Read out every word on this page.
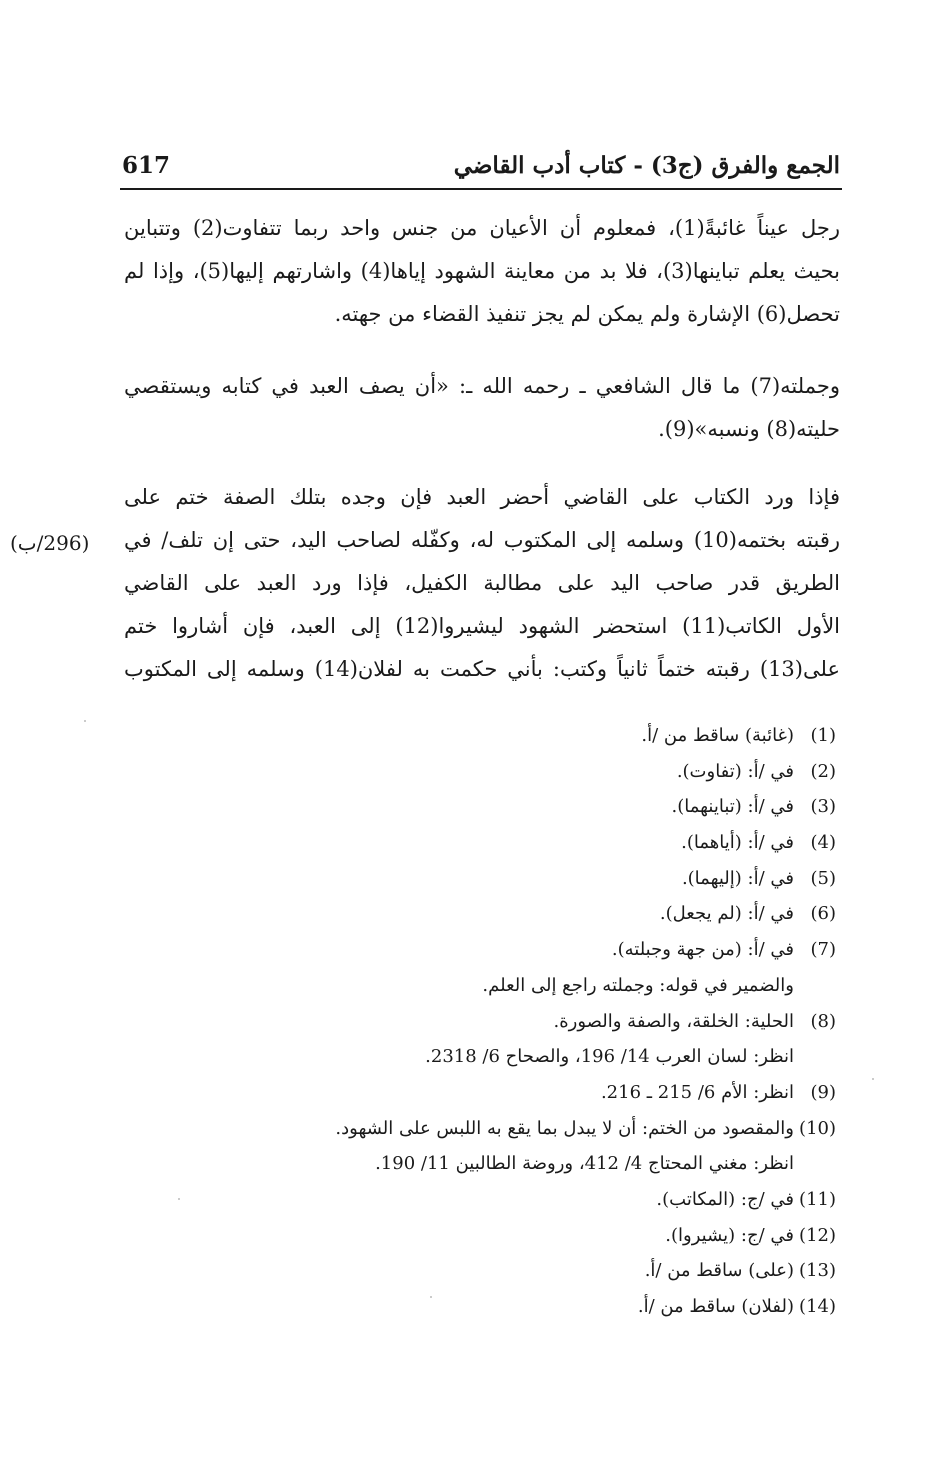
الجمع والفرق (ج3) - كتاب أدب القاضي
617
رجل عيناً غائبةً(1)، فمعلوم أن الأعيان من جنس واحد ربما تتفاوت(2) وتتباين
بحيث يعلم تباينها(3)، فلا بد من معاينة الشهود إياها(4) واشارتهم إليها(5)، وإذا لم
تحصل(6) الإشارة ولم يمكن لم يجز تنفيذ القضاء من جهته.
وجملته(7) ما قال الشافعي ـ رحمه الله ـ: «أن يصف العبد في كتابه ويستقصي
حليته(8) ونسبه»(9).
فإذا ورد الكتاب على القاضي أحضر العبد فإن وجده بتلك الصفة ختم على
رقبته بختمه(10) وسلمه إلى المكتوب له، وكفّله لصاحب اليد، حتى إن تلف/ في
الطريق قدر صاحب اليد على مطالبة الكفيل، فإذا ورد العبد على القاضي
الأول الكاتب(11) استحضر الشهود ليشيروا(12) إلى العبد، فإن أشاروا ختم
على(13) رقبته ختماً ثانياً وكتب: بأني حكمت به لفلان(14) وسلمه إلى المكتوب
(296/ب)
(1)(غائبة) ساقط من /أ.
(2)في /أ: (تفاوت).
(3)في /أ: (تباينهما).
(4)في /أ: (أياهما).
(5)في /أ: (إليهما).
(6)في /أ: (لم يجعل).
(7)في /أ: (من جهة وجبلته).
والضمير في قوله: وجملته راجع إلى العلم.
(8)الحلية: الخلقة، والصفة والصورة.
انظر: لسان العرب 14/ 196، والصحاح 6/ 2318.
(9)انظر: الأم 6/ 215 ـ 216.
(10)والمقصود من الختم: أن لا يبدل بما يقع به اللبس على الشهود.
انظر: مغني المحتاج 4/ 412، وروضة الطالبين 11/ 190.
(11)في /ج: (المكاتب).
(12)في /ج: (يشيروا).
(13)(على) ساقط من /أ.
(14)(لفلان) ساقط من /أ.
